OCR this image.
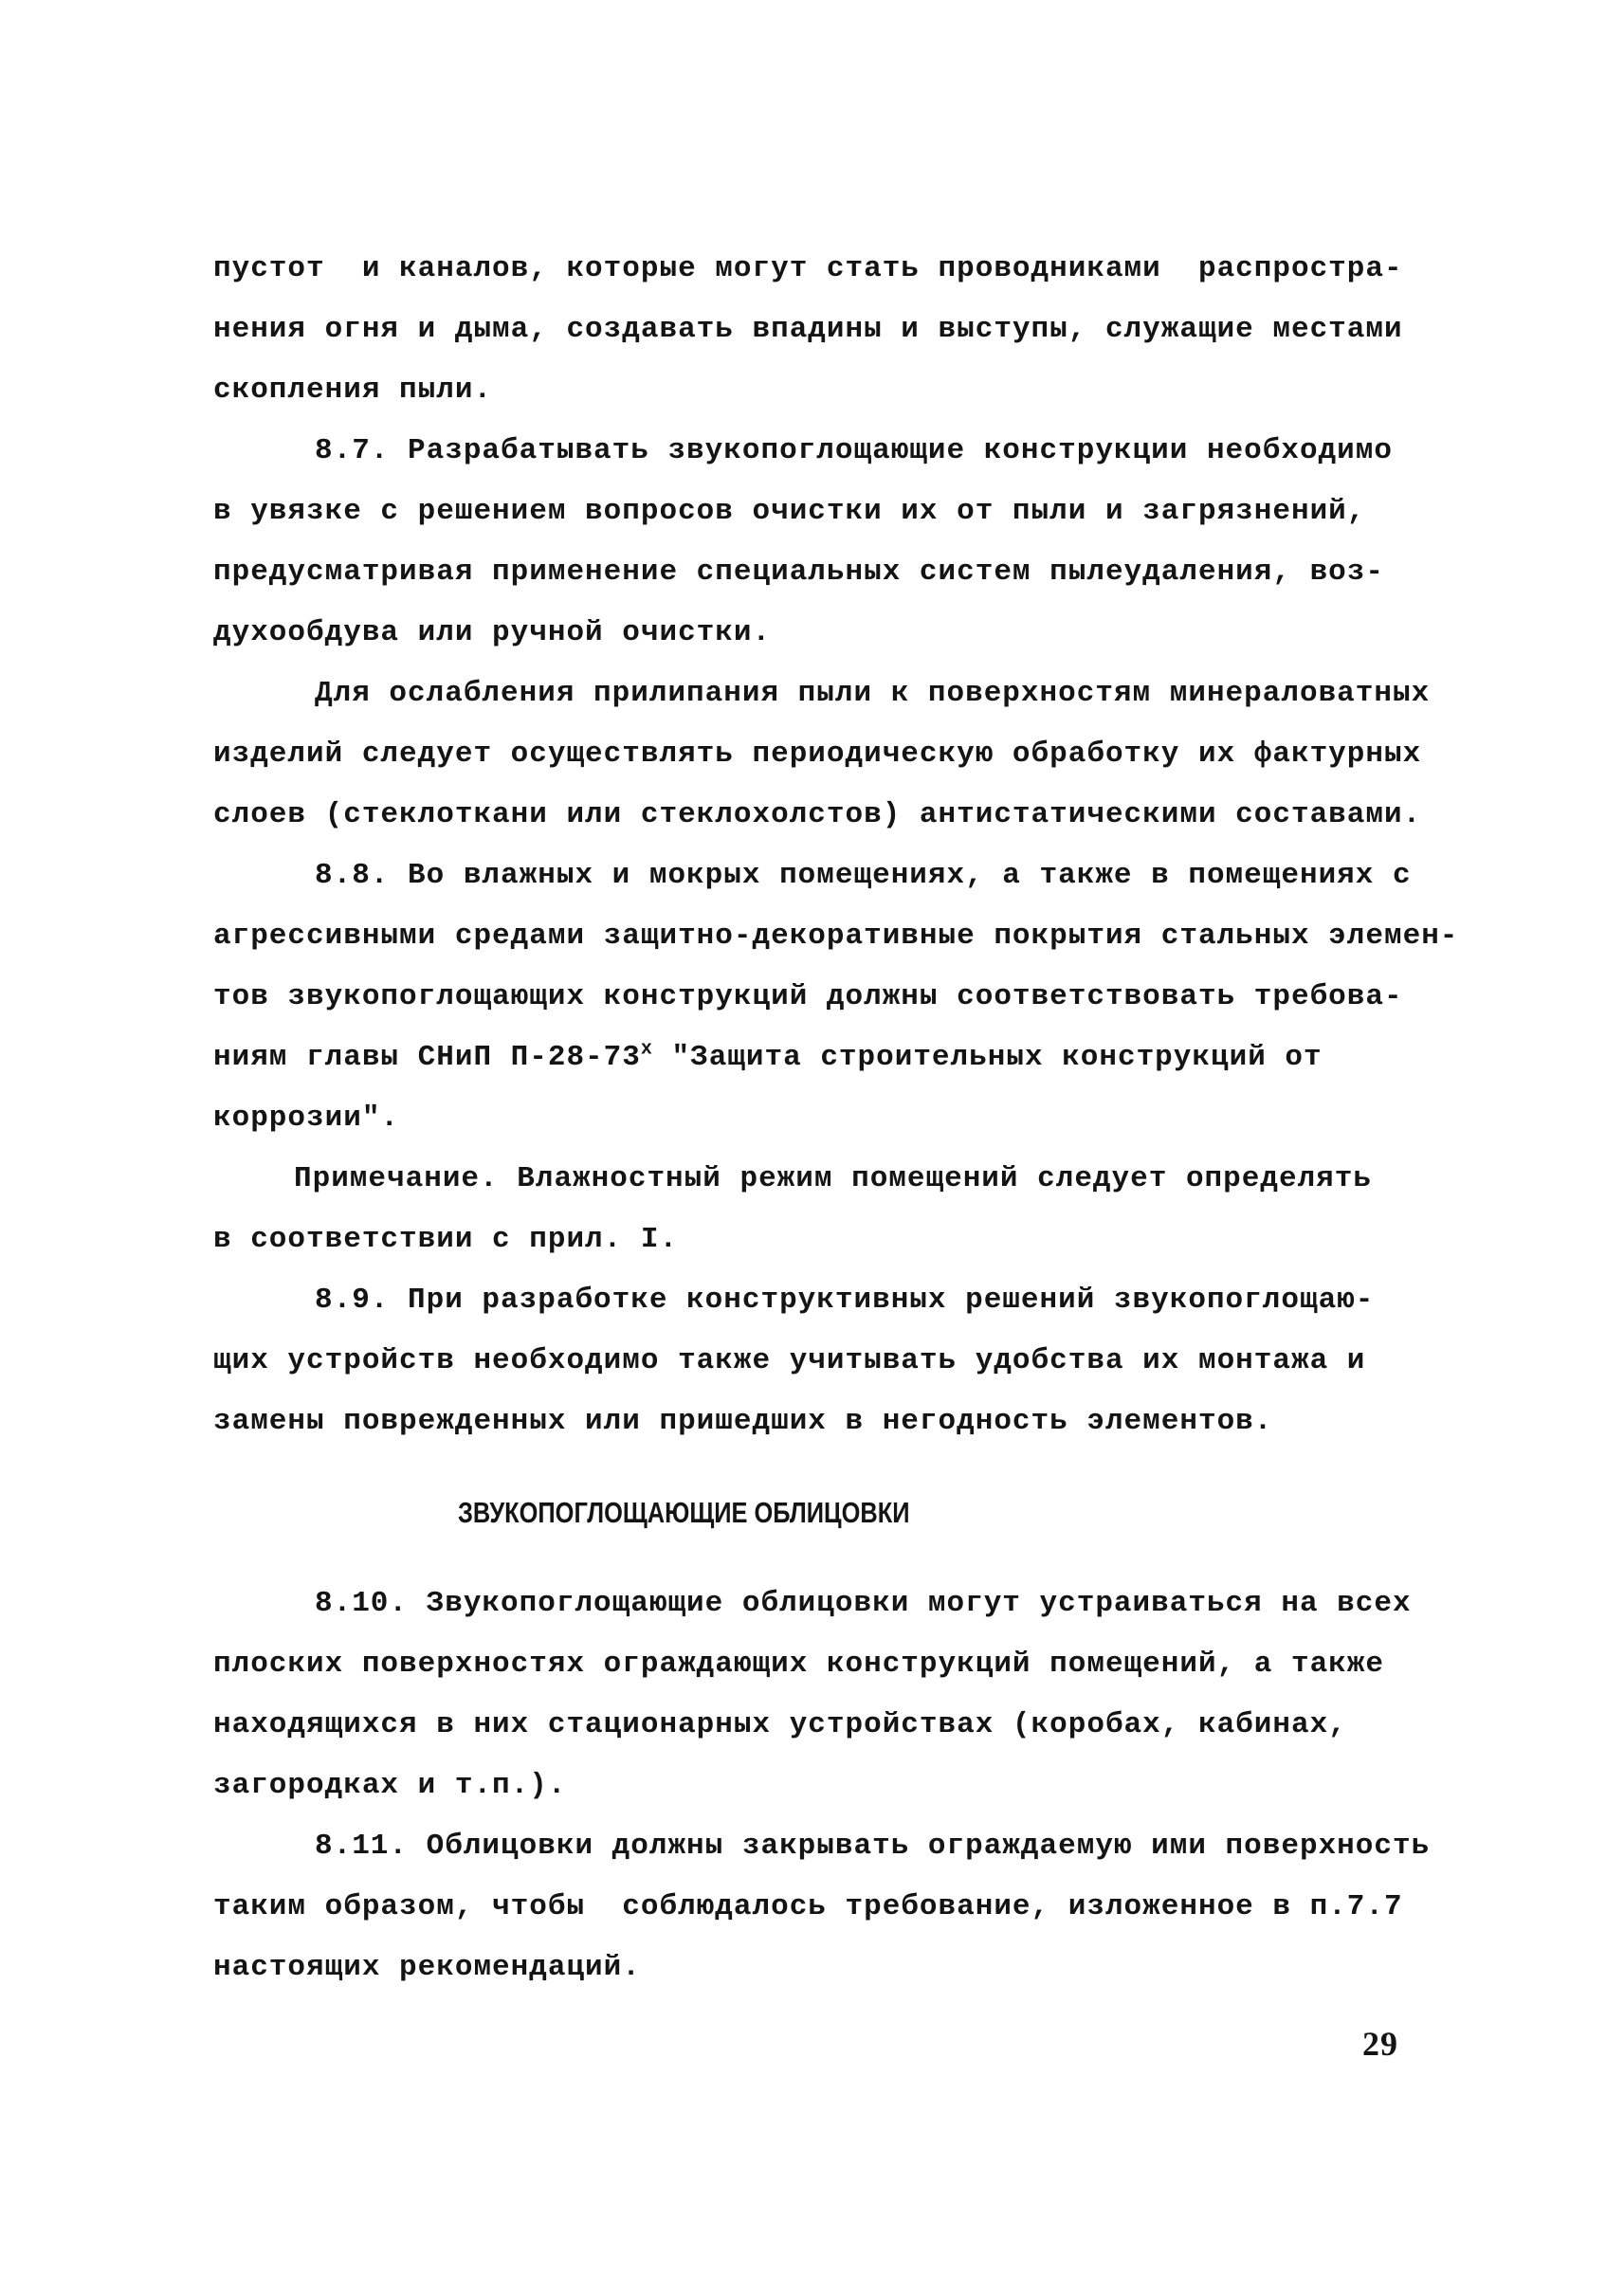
пустот  и каналов, которые могут стать проводниками  распростра-
нения огня и дыма, создавать впадины и выступы, служащие местами
скопления пыли.
8.7. Разрабатывать звукопоглощающие конструкции необходимо
в увязке с решением вопросов очистки их от пыли и загрязнений,
предусматривая применение специальных систем пылеудаления, воз-
духообдува или ручной очистки.
Для ослабления прилипания пыли к поверхностям минераловатных
изделий следует осуществлять периодическую обработку их фактурных
слоев (стеклоткани или стеклохолстов) антистатическими составами.
8.8. Во влажных и мокрых помещениях, а также в помещениях с
агрессивными средами защитно-декоративные покрытия стальных элемен-
тов звукопоглощающих конструкций должны соответствовать требова-
ниям главы СНиП $П-28-73^х$ "Защита строительных конструкций от
коррозии".
Примечание. Влажностный режим помещений следует определять
в соответствии с прил. I.
8.9. При разработке конструктивных решений звукопоглощаю-
щих устройств необходимо также учитывать удобства их монтажа и
замены поврежденных или пришедших в негодность элементов.
ЗВУКОПОГЛОЩАЮЩИЕ ОБЛИЦОВКИ
8.10. Звукопоглощающие облицовки могут устраиваться на всех
плоских поверхностях ограждающих конструкций помещений, а также
находящихся в них стационарных устройствах (коробах, кабинах,
загородках и т.п.).
8.11. Облицовки должны закрывать ограждаемую ими поверхность
таким образом, чтобы  соблюдалось требование, изложенное в п.7.7
настоящих рекомендаций.
29
